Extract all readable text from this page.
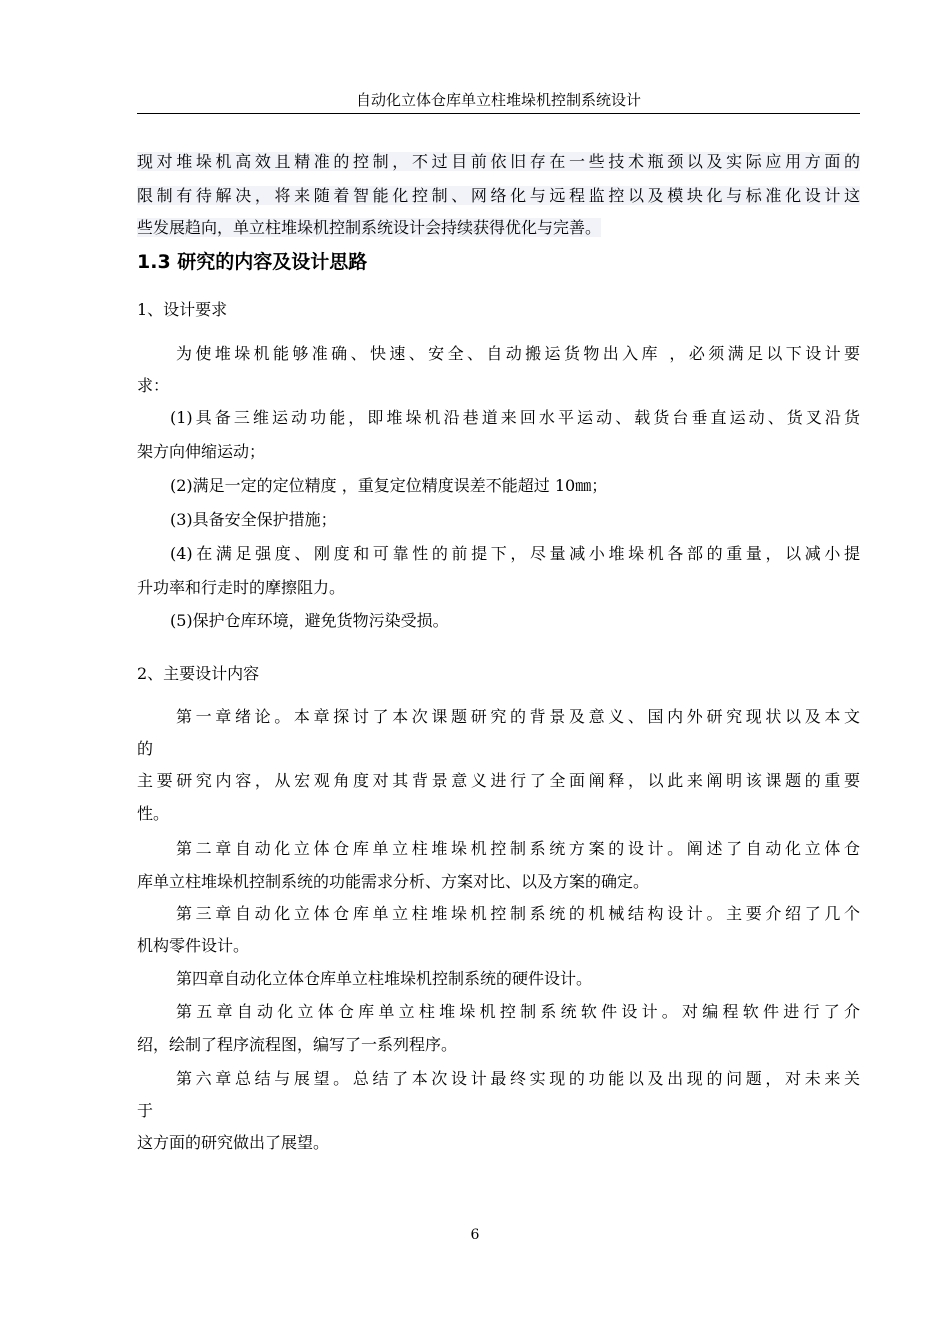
自动化立体仓库单立柱堆垛机控制系统设计
现对堆垛机高效且精准的控制，不过目前依旧存在一些技术瓶颈以及实际应用方面的
限制有待解决，将来随着智能化控制、网络化与远程监控以及模块化与标准化设计这
些发展趋向，单立柱堆垛机控制系统设计会持续获得优化与完善。
1.3 研究的内容及设计思路
1、设计要求
为使堆垛机能够准确、快速、安全、自动搬运货物出入库 ，必须满足以下设计要
求：
(1)具备三维运动功能，即堆垛机沿巷道来回水平运动、载货台垂直运动、货叉沿货
架方向伸缩运动；
(2)满足一定的定位精度 ，重复定位精度误差不能超过 10㎜；
(3)具备安全保护措施；
(4)在满足强度、刚度和可靠性的前提下，尽量减小堆垛机各部的重量，以减小提
升功率和行走时的摩擦阻力。
(5)保护仓库环境，避免货物污染受损。
2、主要设计内容
第一章绪论。本章探讨了本次课题研究的背景及意义、国内外研究现状以及本文
的
主要研究内容，从宏观角度对其背景意义进行了全面阐释，以此来阐明该课题的重要
性。
第二章自动化立体仓库单立柱堆垛机控制系统方案的设计。阐述了自动化立体仓
库单立柱堆垛机控制系统的功能需求分析、方案对比、以及方案的确定。
第三章自动化立体仓库单立柱堆垛机控制系统的机械结构设计。主要介绍了几个
机构零件设计。
第四章自动化立体仓库单立柱堆垛机控制系统的硬件设计。
第五章自动化立体仓库单立柱堆垛机控制系统软件设计。对编程软件进行了介
绍，绘制了程序流程图，编写了一系列程序。
第六章总结与展望。总结了本次设计最终实现的功能以及出现的问题，对未来关
于
这方面的研究做出了展望。
6
